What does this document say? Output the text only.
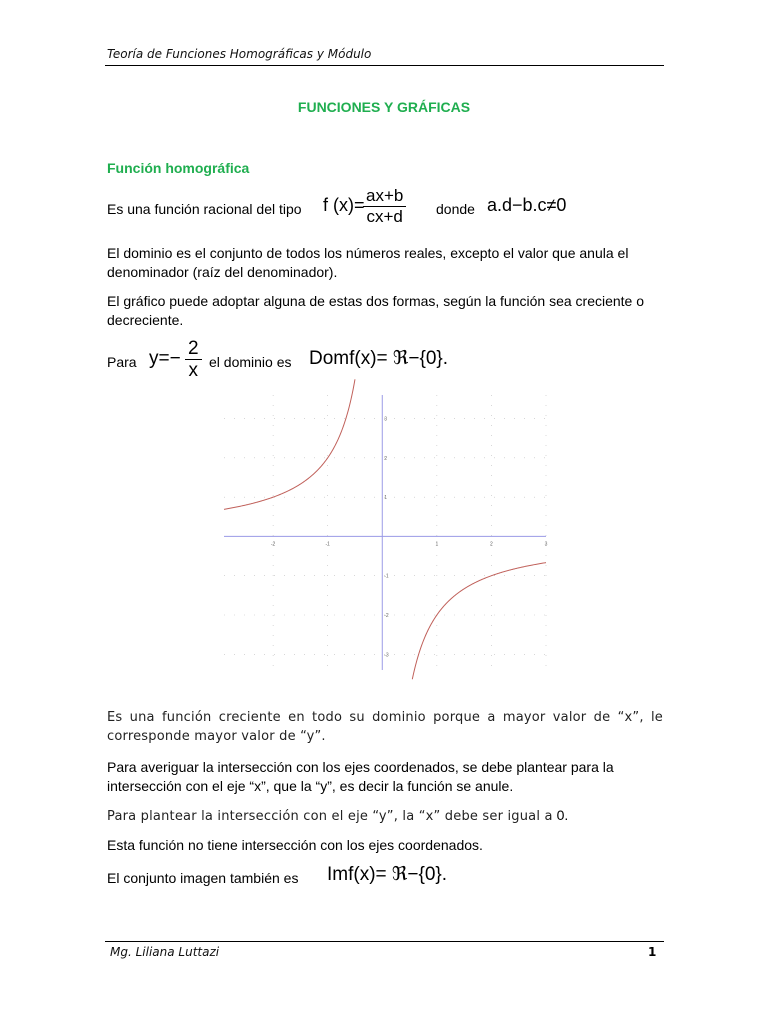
Teoría de Funciones Homográficas y Módulo
FUNCIONES Y GRÁFICAS
Función homográfica
Es una función racional del tipo f (x)=
$\frac{ax+b}{cx+d}$ donde a.d−b.c≠0
El dominio es el conjunto de todos los números reales, excepto el valor que anula el denominador (raíz del denominador).
El gráfico puede adoptar alguna de estas dos formas, según la función sea creciente o decreciente.
Para $y=- \frac{2}{x}$ el dominio es Domf(x)= ℜ−{0}.
-2	-1	1	2	3
3
2
1
-1
-2
-3
Es una función creciente en todo su dominio porque a mayor valor de “x”, le corresponde mayor valor de “y”.
Para averiguar la intersección con los ejes coordenados, se debe plantear para la intersección con el eje “x”, que la “y”, es decir la función se anule.
Para plantear la intersección con el eje “y”, la “x” debe ser igual a 0.
Esta función no tiene intersección con los ejes coordenados.
El conjunto imagen también es Imf(x)= ℜ−{0}.
Mg. Liliana Luttazi	1
